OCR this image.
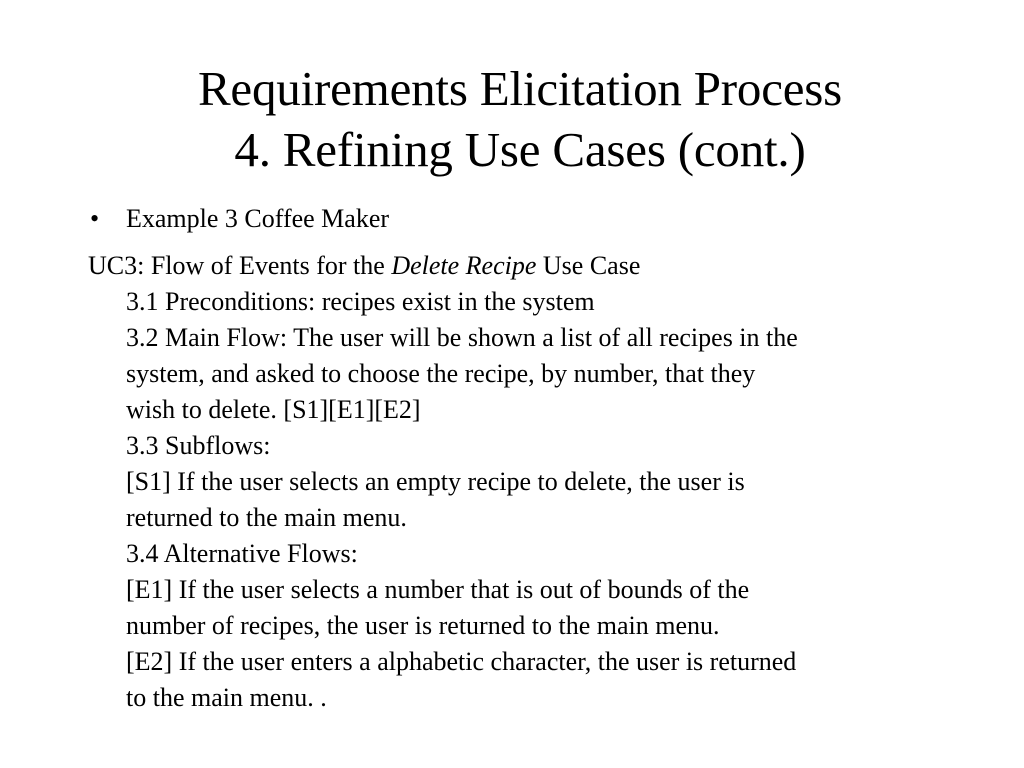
Requirements Elicitation Process
4. Refining Use Cases (cont.)
• Example 3 Coffee Maker
UC3: Flow of Events for the Delete Recipe Use Case
3.1 Preconditions: recipes exist in the system
3.2 Main Flow: The user will be shown a list of all recipes in the
system, and asked to choose the recipe, by number, that they
wish to delete. [S1][E1][E2]
3.3 Subflows:
[S1] If the user selects an empty recipe to delete, the user is
returned to the main menu.
3.4 Alternative Flows:
[E1] If the user selects a number that is out of bounds of the
number of recipes, the user is returned to the main menu.
[E2] If the user enters a alphabetic character, the user is returned
to the main menu. .
